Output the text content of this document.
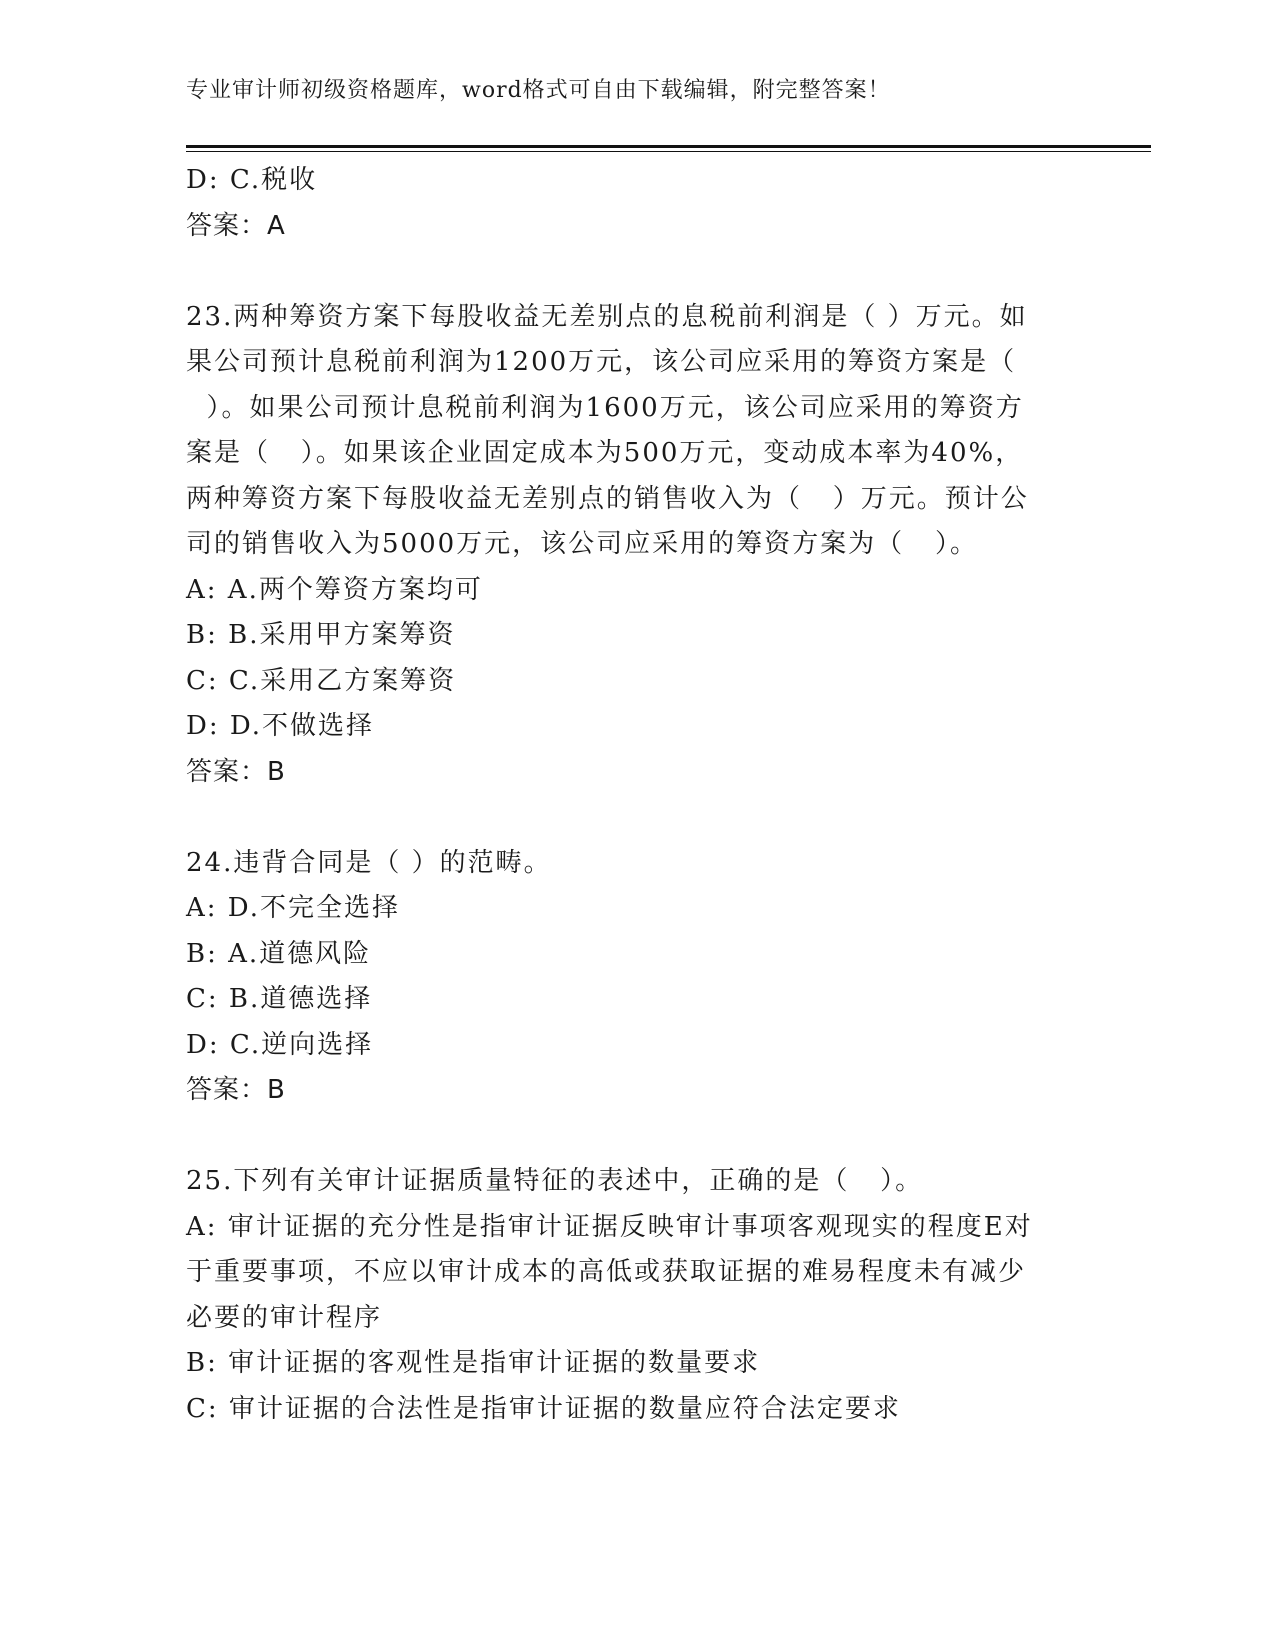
专业审计师初级资格题库，word格式可自由下载编辑，附完整答案！
D: C.税收
答案：A
23.两种筹资方案下每股收益无差别点的息税前利润是（ ）万元。如
果公司预计息税前利润为1200万元，该公司应采用的筹资方案是（
）。如果公司预计息税前利润为1600万元，该公司应采用的筹资方
案是（   ）。如果该企业固定成本为500万元，变动成本率为40%，
两种筹资方案下每股收益无差别点的销售收入为（   ）万元。预计公
司的销售收入为5000万元，该公司应采用的筹资方案为（   ）。
A: A.两个筹资方案均可
B: B.采用甲方案筹资
C: C.采用乙方案筹资
D: D.不做选择
答案：B
24.违背合同是（ ）的范畴。
A: D.不完全选择
B: A.道德风险
C: B.道德选择
D: C.逆向选择
答案：B
25.下列有关审计证据质量特征的表述中，正确的是（   ）。
A: 审计证据的充分性是指审计证据反映审计事项客观现实的程度E对
于重要事项，不应以审计成本的高低或获取证据的难易程度未有减少
必要的审计程序
B: 审计证据的客观性是指审计证据的数量要求
C: 审计证据的合法性是指审计证据的数量应符合法定要求
